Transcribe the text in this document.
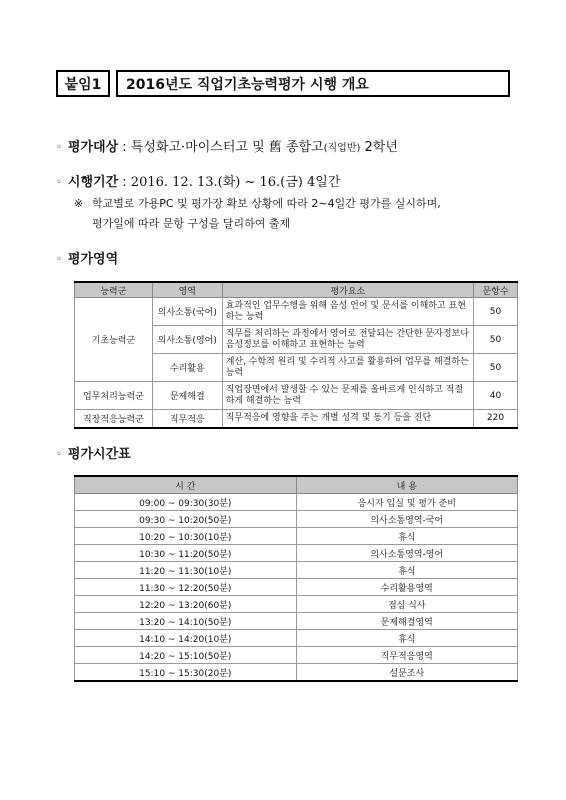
붙임1	2016년도 직업기초능력평가 시행 개요
◦ 평가대상 : 특성화고·마이스터고 및 舊 종합고(직업반) 2학년
◦ 시행기간 : 2016. 12. 13.(화) ~ 16.(금) 4일간
※ 학교별로 가용PC 및 평가장 확보 상황에 따라 2∼4일간 평가를 실시하며,
평가일에 따라 문항 구성을 달리하여 출제
◦ 평가영역
능력군	영역	평가요소	문항수
기초능력군	의사소통(국어)	효과적인 업무수행을 위해 음성 언어 및 문서를 이해하고 표현하는 능력	50
	의사소통(영어)	직무를 처리하는 과정에서 영어로 전달되는 간단한 문자정보나 음성정보를 이해하고 표현하는 능력	50
	수리활용	계산, 수학적 원리 및 수리적 사고를 활용하여 업무를 해결하는 능력	50
업무처리능력군	문제해결	직업장면에서 발생할 수 있는 문제를 올바르게 인식하고 적절하게 해결하는 능력	40
직장적응능력군	직무적응	직무적응에 영향을 주는 개별 성격 및 동기 등을 진단	220
◦ 평가시간표
시 간	내 용
09:00 ~ 09:30(30분)	응시자 입실 및 평가 준비
09:30 ~ 10:20(50분)	의사소통영역-국어
10:20 ~ 10:30(10분)	휴식
10:30 ~ 11:20(50분)	의사소통영역-영어
11:20 ~ 11:30(10분)	휴식
11:30 ~ 12:20(50분)	수리활용영역
12:20 ~ 13:20(60분)	점심 식사
13:20 ~ 14:10(50분)	문제해결영역
14:10 ~ 14:20(10분)	휴식
14:20 ~ 15:10(50분)	직무적응영역
15:10 ~ 15:30(20분)	설문조사
